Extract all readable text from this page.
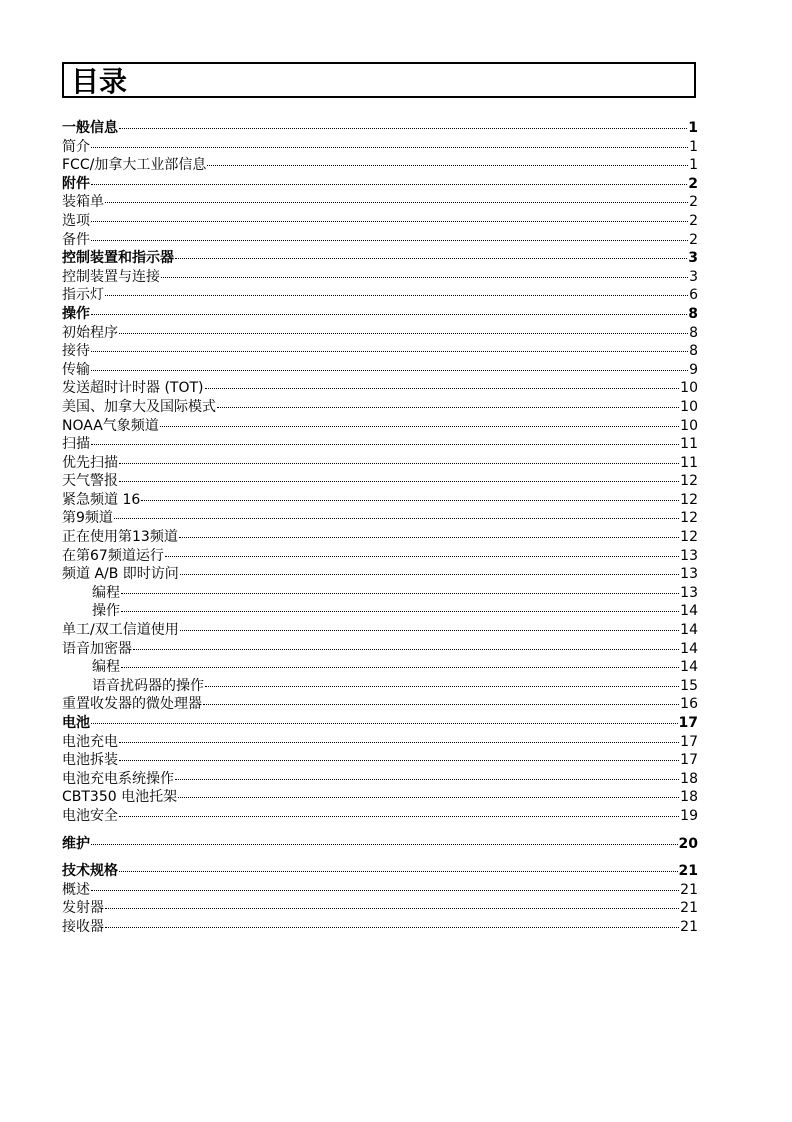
目录
一般信息	1
简介	1
FCC/加拿大工业部信息	1
附件	2
装箱单	2
选项	2
备件	2
控制装置和指示器	3
控制装置与连接	3
指示灯	6
操作	8
初始程序	8
接待	8
传输	9
发送超时计时器 (TOT)	10
美国、加拿大及国际模式	10
NOAA气象频道	10
扫描	11
优先扫描	11
天气警报	12
紧急频道 16	12
第9频道	12
正在使用第13频道	12
在第67频道运行	13
频道 A/B 即时访问	13
编程	13
操作	14
单工/双工信道使用	14
语音加密器	14
编程	14
语音扰码器的操作	15
重置收发器的微处理器	16
电池	17
电池充电	17
电池拆装	17
电池充电系统操作	18
CBT350 电池托架	18
电池安全	19
维护	20
技术规格	21
概述	21
发射器	21
接收器	21
